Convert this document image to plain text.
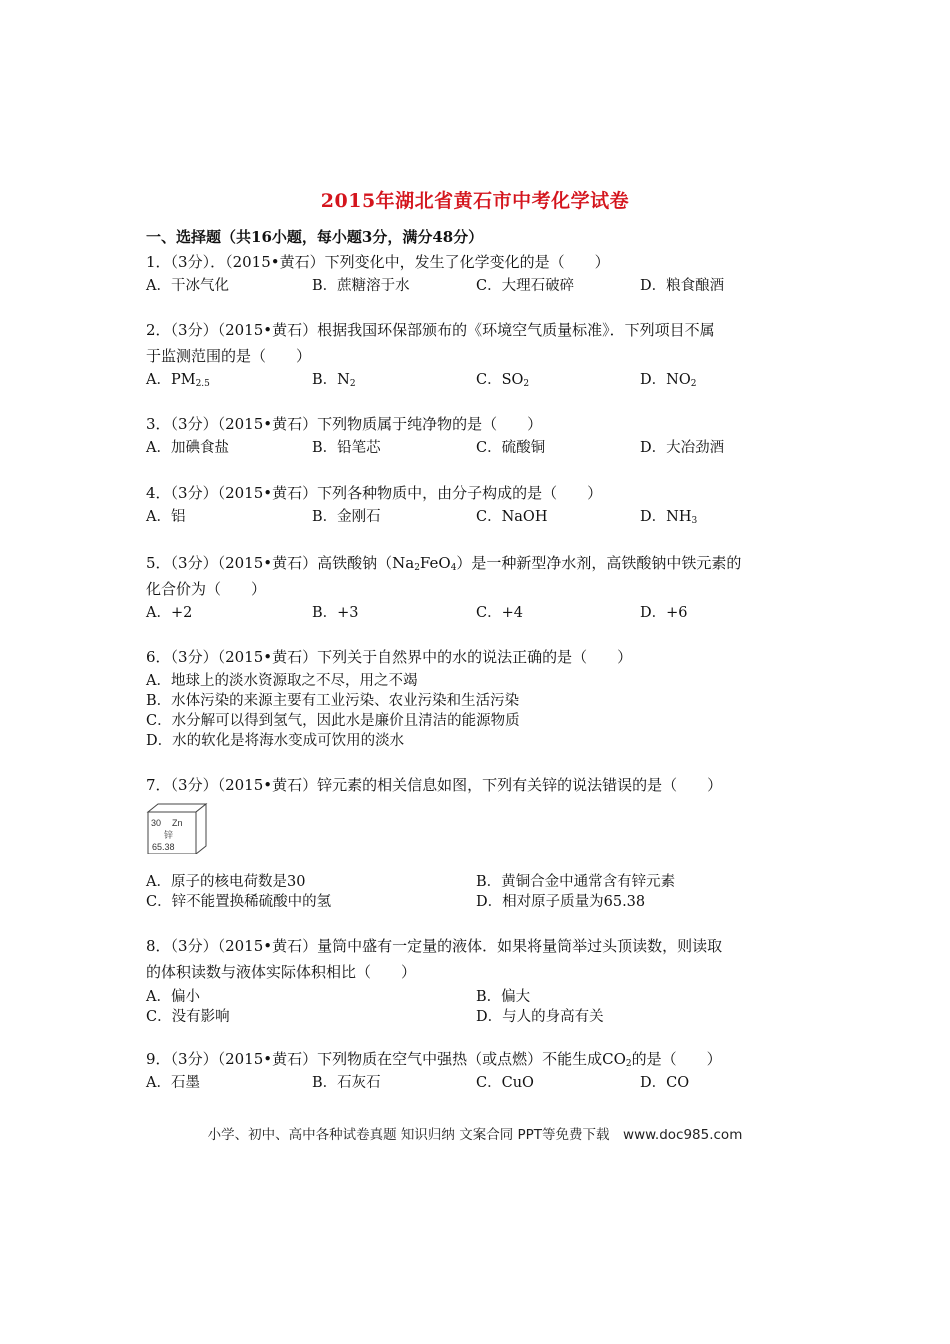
2015年湖北省黄石市中考化学试卷
一、选择题（共16小题，每小题3分，满分48分）
1．（3分）．（2015•黄石）下列变化中，发生了化学变化的是（　　）
A．干冰气化	B．蔗糖溶于水	C．大理石破碎	D．粮食酿酒
2．（3分）（2015•黄石）根据我国环保部颁布的《环境空气质量标准》．下列项目不属
于监测范围的是（　　）
A．$PM_{2.5}$	B．$N_2$	C．$SO_2$	D．$NO_2$
3．（3分）（2015•黄石）下列物质属于纯净物的是（　　）
A．加碘食盐	B．铅笔芯	C．硫酸铜	D．大冶劲酒
4．（3分）（2015•黄石）下列各种物质中，由分子构成的是（　　）
A．铝	B．金刚石	C．NaOH	D．$NH_3$
5．（3分）（2015•黄石）高铁酸钠$(Na_2FeO_4)$是一种新型净水剂，高铁酸钠中铁元素的
化合价为（　　）
A．+2	B．+3	C．+4	D．+6
6．（3分）（2015•黄石）下列关于自然界中的水的说法正确的是（　　）
A．地球上的淡水资源取之不尽，用之不竭
B．水体污染的来源主要有工业污染、农业污染和生活污染
C．水分解可以得到氢气，因此水是廉价且清洁的能源物质
D．水的软化是将海水变成可饮用的淡水
7．（3分）（2015•黄石）锌元素的相关信息如图，下列有关锌的说法错误的是（　　）
30 Zn
锌
65.38
A．原子的核电荷数是30	B．黄铜合金中通常含有锌元素
C．锌不能置换稀硫酸中的氢	D．相对原子质量为65.38
8．（3分）（2015•黄石）量筒中盛有一定量的液体．如果将量筒举过头顶读数，则读取
的体积读数与液体实际体积相比（　　）
A．偏小	B．偏大
C．没有影响	D．与人的身高有关
9．（3分）（2015•黄石）下列物质在空气中强热（或点燃）不能生成$CO_2$的是（　　）
A．石墨	B．石灰石	C．CuO	D．CO
小学、初中、高中各种试卷真题 知识归纳 文案合同 PPT等免费下载　www.doc985.com
